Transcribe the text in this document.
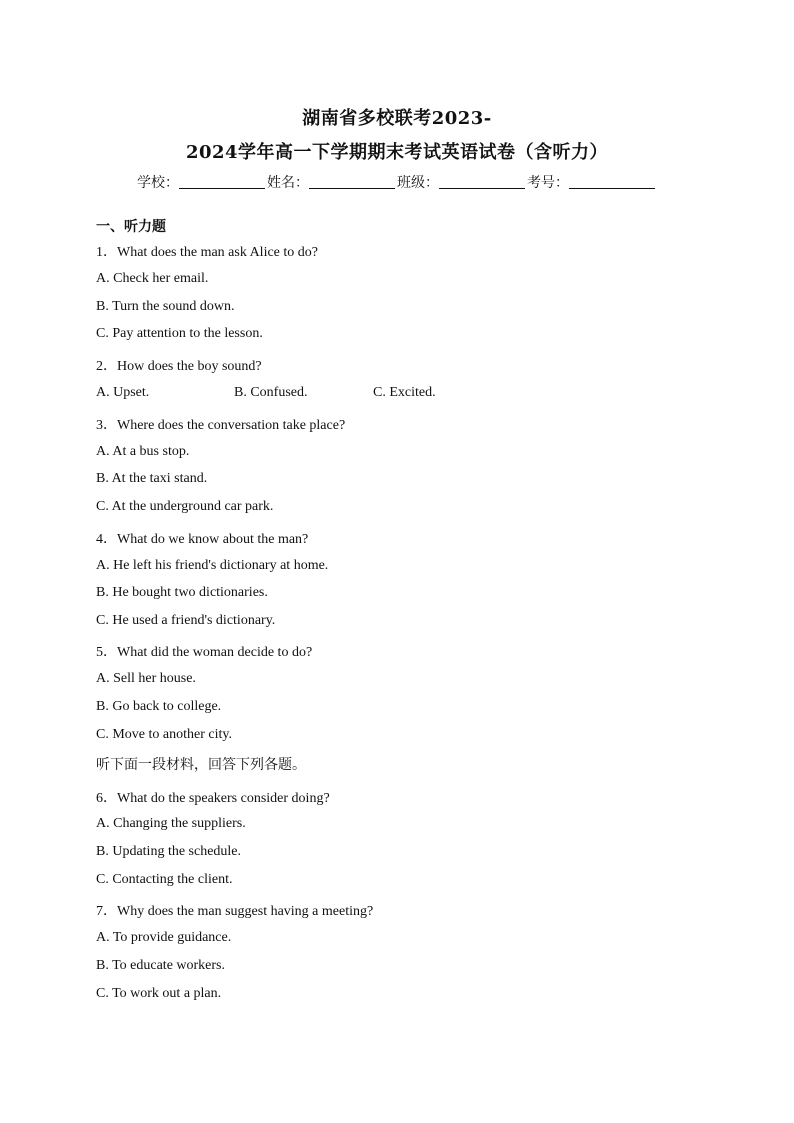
湖南省多校联考2023-
2024学年高一下学期期末考试英语试卷（含听力）
学校：	姓名：	班级：	考号：
一、听力题
1．What does the man ask Alice to do?
A. Check her email.
B. Turn the sound down.
C. Pay attention to the lesson.
2．How does the boy sound?
A. Upset.	B. Confused.	C. Excited.
3．Where does the conversation take place?
A. At a bus stop.
B. At the taxi stand.
C. At the underground car park.
4．What do we know about the man?
A. He left his friend's dictionary at home.
B. He bought two dictionaries.
C. He used a friend's dictionary.
5．What did the woman decide to do?
A. Sell her house.
B. Go back to college.
C. Move to another city.
听下面一段材料，回答下列各题。
6．What do the speakers consider doing?
A. Changing the suppliers.
B. Updating the schedule.
C. Contacting the client.
7．Why does the man suggest having a meeting?
A. To provide guidance.
B. To educate workers.
C. To work out a plan.
